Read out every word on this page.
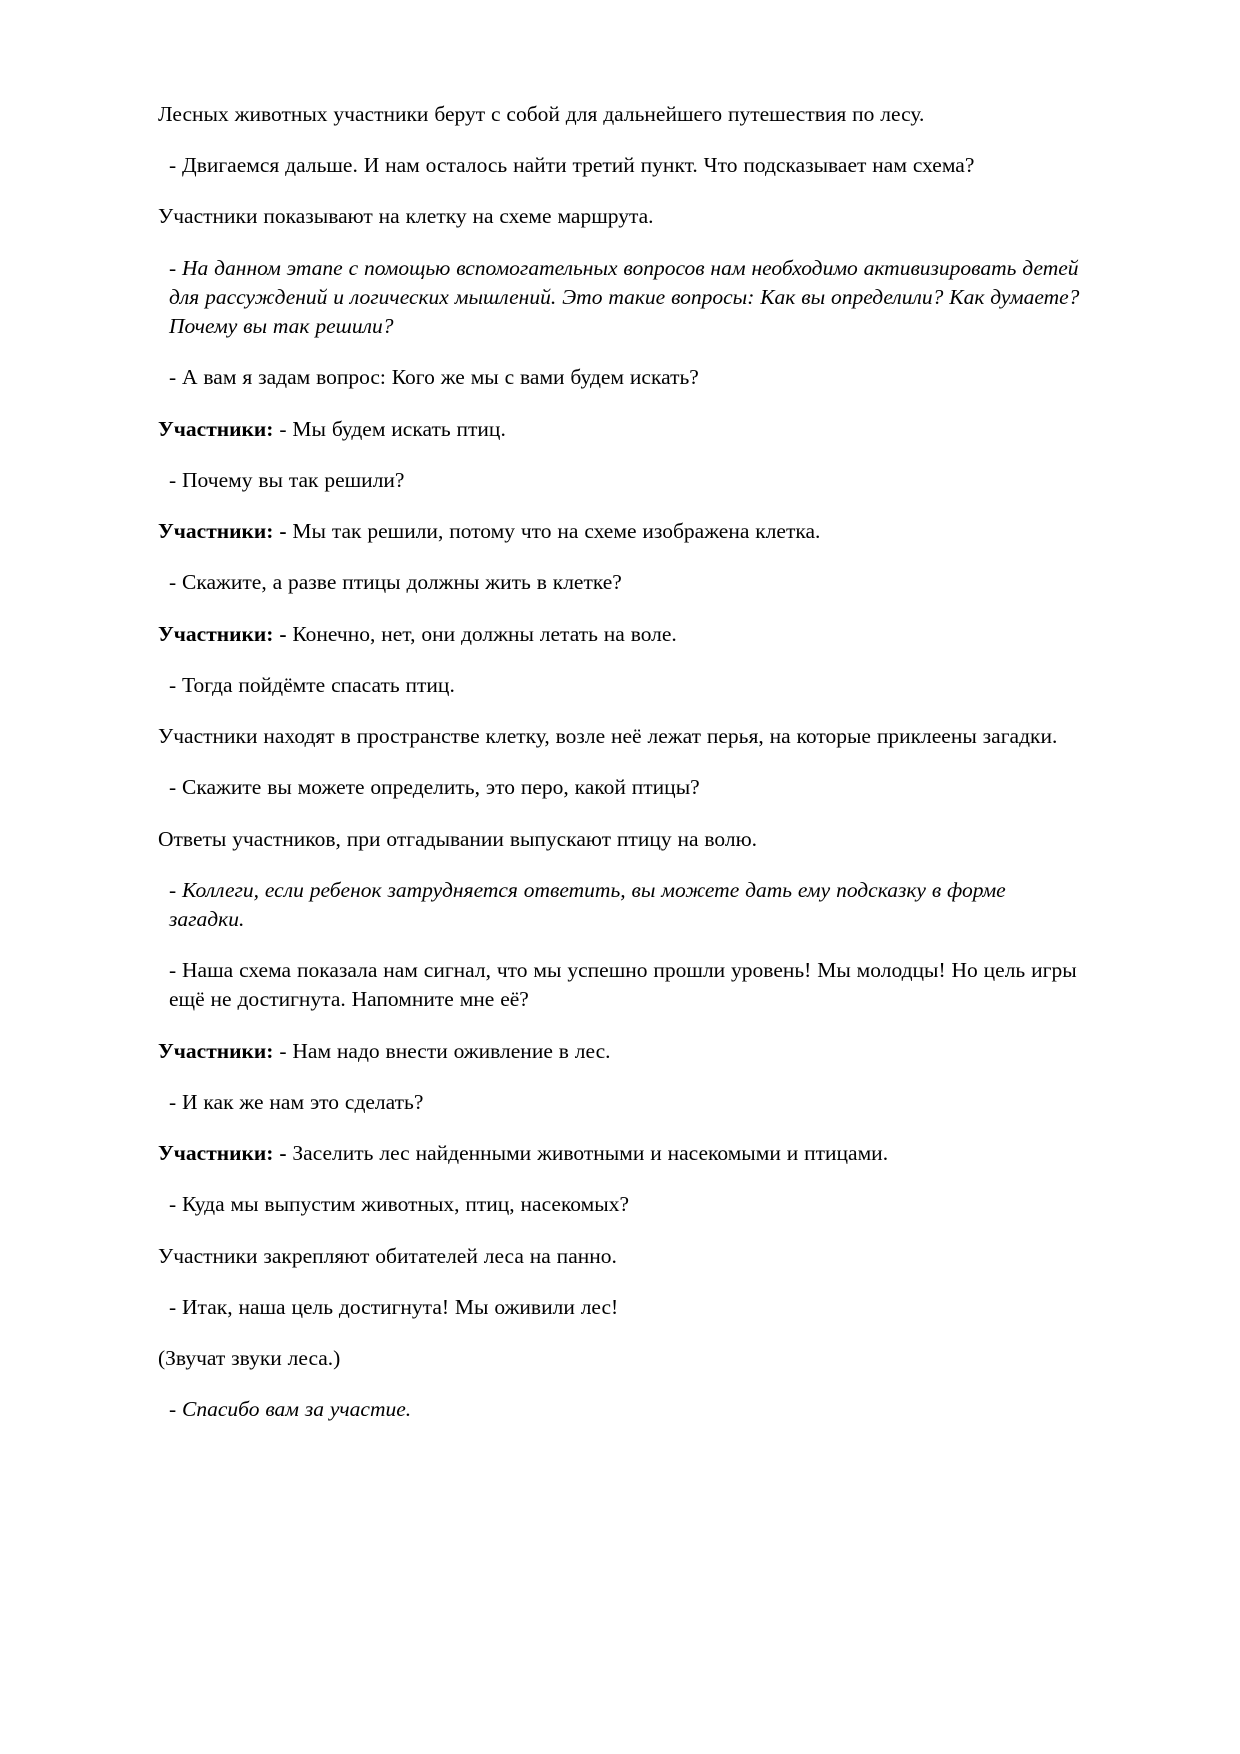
Лесных животных участники берут с собой для дальнейшего путешествия по лесу.

- Двигаемся дальше. И нам осталось найти третий пункт. Что подсказывает нам схема?

Участники показывают на клетку на схеме маршрута.

- На данном этапе с помощью вспомогательных вопросов нам необходимо активизировать детей для рассуждений и логических мышлений. Это такие вопросы: Как вы определили? Как думаете? Почему вы так решили?

- А вам я задам вопрос: Кого же мы с вами будем искать?

Участники: - Мы будем искать птиц.

- Почему вы так решили?

Участники: - Мы так решили, потому что на схеме изображена клетка.

- Скажите, а разве птицы должны жить в клетке?

Участники: - Конечно, нет, они должны летать на воле.

- Тогда пойдёмте спасать птиц.

Участники находят в пространстве клетку, возле неё лежат перья, на которые приклеены загадки.

- Скажите вы можете определить, это перо, какой птицы?

Ответы участников, при отгадывании выпускают птицу на волю.

- Коллеги, если ребенок затрудняется ответить, вы можете дать ему подсказку в форме загадки.

- Наша схема показала нам сигнал, что мы успешно прошли уровень! Мы молодцы! Но цель игры ещё не достигнута. Напомните мне её?

Участники: - Нам надо внести оживление в лес.

- И как же нам это сделать?

Участники: - Заселить лес найденными животными и насекомыми и птицами.

- Куда мы выпустим животных, птиц, насекомых?

Участники закрепляют обитателей леса на панно.

- Итак, наша цель достигнута! Мы оживили лес!

(Звучат звуки леса.)

- Спасибо вам за участие.
